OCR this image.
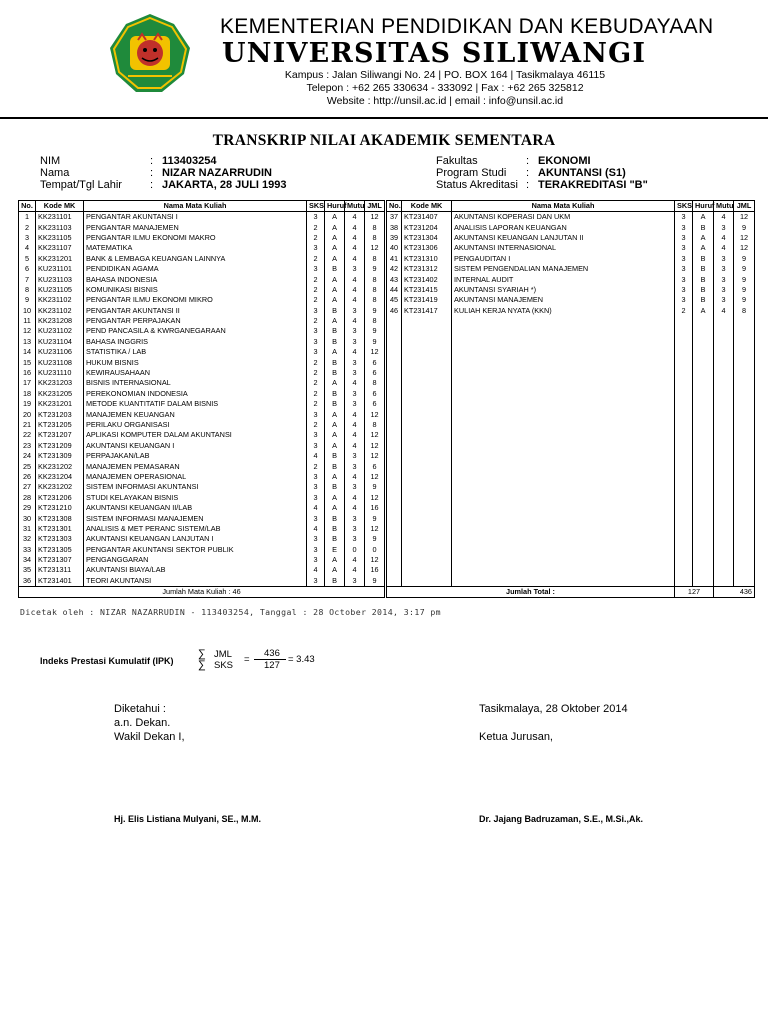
KEMENTERIAN PENDIDIKAN DAN KEBUDAYAAN
UNIVERSITAS SILIWANGI
Kampus : Jalan Siliwangi No. 24 | PO. BOX 164 | Tasikmalaya 46115
Telepon : +62 265 330634 - 333092 | Fax : +62 265 325812
Website : http://unsil.ac.id | email : info@unsil.ac.id
TRANSKRIP NILAI AKADEMIK SEMENTARA
NIM	: 113403254
Nama	: NIZAR NAZARRUDIN
Tempat/Tgl Lahir	: JAKARTA, 28 JULI 1993
Fakultas	: EKONOMI
Program Studi : AKUNTANSI (S1)
Status Akreditasi : TERAKREDITASI "B"
No.	Kode MK	Nama Mata Kuliah	SKS	Huruf	Mutu	JML
1	KK231101	PENGANTAR AKUNTANSI I	3	A	4	12
2	KK231103	PENGANTAR MANAJEMEN	2	A	4	8
3	KK231105	PENGANTAR ILMU EKONOMI MAKRO	2	A	4	8
4	KK231107	MATEMATIKA	3	A	4	12
5	KK231201	BANK & LEMBAGA KEUANGAN LAINNYA	2	A	4	8
6	KU231101	PENDIDIKAN AGAMA	3	B	3	9
7	KU231103	BAHASA INDONESIA	2	A	4	8
8	KU231105	KOMUNIKASI BISNIS	2	A	4	8
9	KK231102	PENGANTAR ILMU EKONOMI MIKRO	2	A	4	8
10	KK231102	PENGANTAR AKUNTANSI II	3	B	3	9
11	KK231208	PENGANTAR PERPAJAKAN	2	A	4	8
12	KU231102	PEND PANCASILA & KWRGANEGARAAN	3	B	3	9
13	KU231104	BAHASA INGGRIS	3	B	3	9
14	KU231106	STATISTIKA / LAB	3	A	4	12
15	KU231108	HUKUM BISNIS	2	B	3	6
16	KU231110	KEWIRAUSAHAAN	2	B	3	6
17	KK231203	BISNIS INTERNASIONAL	2	A	4	8
18	KK231205	PEREKONOMIAN INDONESIA	2	B	3	6
19	KK231201	METODE KUANTITATIF DALAM BISNIS	2	B	3	6
20	KT231203	MANAJEMEN KEUANGAN	3	A	4	12
21	KT231205	PERILAKU ORGANISASI	2	A	4	8
22	KT231207	APLIKASI KOMPUTER DALAM AKUNTANSI	3	A	4	12
23	KT231209	AKUNTANSI KEUANGAN I	3	A	4	12
24	KT231309	PERPAJAKAN/LAB	4	B	3	12
25	KK231202	MANAJEMEN PEMASARAN	2	B	3	6
26	KK231204	MANAJEMEN OPERASIONAL	3	A	4	12
27	KK231202	SISTEM INFORMASI AKUNTANSI	3	B	3	9
28	KT231206	STUDI KELAYAKAN BISNIS	3	A	4	12
29	KT231210	AKUNTANSI KEUANGAN II/LAB	4	A	4	16
30	KT231308	SISTEM INFORMASI MANAJEMEN	3	B	3	9
31	KT231301	ANALISIS & MET PERANC SISTEM/LAB	4	B	3	12
32	KT231303	AKUNTANSI KEUANGAN LANJUTAN I	3	B	3	9
33	KT231305	PENGANTAR AKUNTANSI SEKTOR PUBLIK	3	E	0	0
34	KT231307	PENGANGGARAN	3	A	4	12
35	KT231311	AKUNTANSI BIAYA/LAB	4	A	4	16
36	KT231401	TEORI AKUNTANSI	3	B	3	9
Jumlah Mata Kuliah : 46						
No.	Kode MK	Nama Mata Kuliah	SKS	Huruf	Mutu	JML
37	KT231407	AKUNTANSI KOPERASI DAN UKM	3	A	4	12
38	KT231204	ANALISIS LAPORAN KEUANGAN	3	B	3	9
39	KT231304	AKUNTANSI KEUANGAN LANJUTAN II	3	A	4	12
40	KT231306	AKUNTANSI INTERNASIONAL	3	A	4	12
41	KT231310	PENGAUDITAN I	3	B	3	9
42	KT231312	SISTEM PENGENDALIAN MANAJEMEN	3	B	3	9
43	KT231402	INTERNAL AUDIT	3	B	3	9
44	KT231415	AKUNTANSI SYARIAH *)	3	B	3	9
45	KT231419	AKUNTANSI MANAJEMEN	3	B	3	9
46	KT231417	KULIAH KERJA NYATA (KKN)	2	A	4	8

Jumlah Total :			127		436	
Dicetak oleh : NIZAR NAZARRUDIN - 113403254, Tanggal : 28 October 2014, 3:17 pm
Indeks Prestasi Kumulatif (IPK)
∑ JML
∑ SKS
=
436
127
= 3.43
Diketahui :
a.n. Dekan.
Wakil Dekan I,
Hj. Elis Listiana Mulyani, SE., M.M.
Tasikmalaya, 28 Oktober 2014
Ketua Jurusan,
Dr. Jajang Badruzaman, S.E., M.Si.,Ak.
